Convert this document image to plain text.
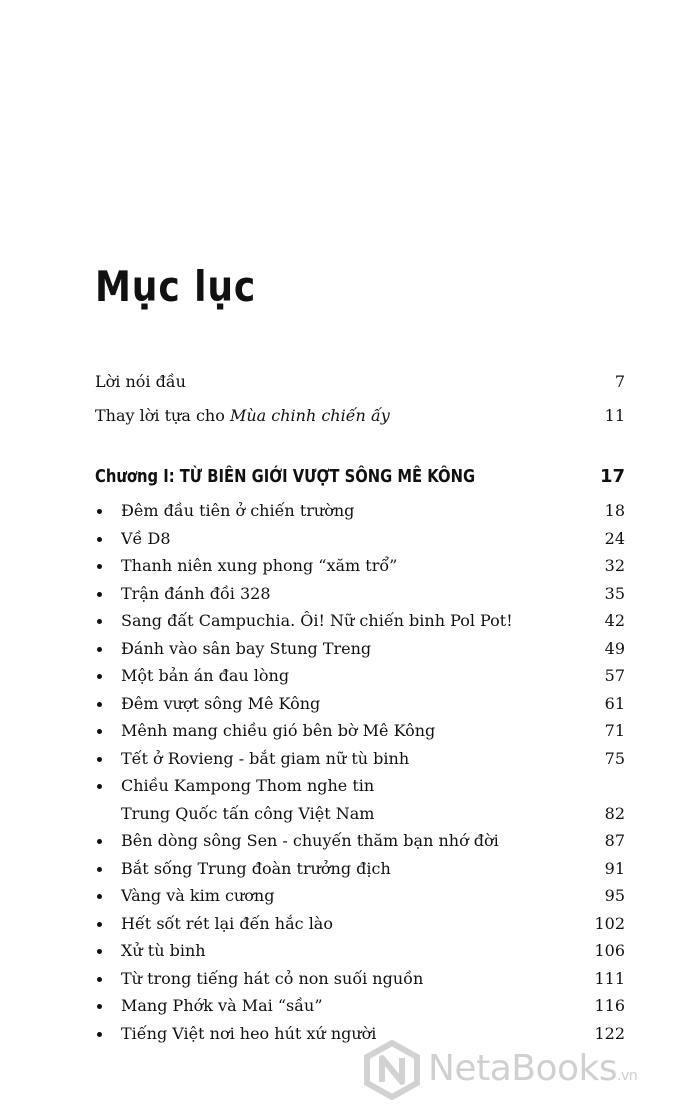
Mục lục
Lời nói đầu	7
Thay lời tựa cho Mùa chinh chiến ấy	11
Chương I: TỪ BIÊN GIỚI VƯỢT SÔNG MÊ KÔNG	17
Đêm đầu tiên ở chiến trường	18
Về D8	24
Thanh niên xung phong “xăm trổ”	32
Trận đánh đồi 328	35
Sang đất Campuchia. Ôi! Nữ chiến binh Pol Pot!	42
Đánh vào sân bay Stung Treng	49
Một bản án đau lòng	57
Đêm vượt sông Mê Kông	61
Mênh mang chiều gió bên bờ Mê Kông	71
Tết ở Rovieng - bắt giam nữ tù binh	75
Chiều Kampong Thom nghe tin
Trung Quốc tấn công Việt Nam	82
Bên dòng sông Sen - chuyến thăm bạn nhớ đời	87
Bắt sống Trung đoàn trưởng địch	91
Vàng và kim cương	95
Hết sốt rét lại đến hắc lào	102
Xử tù binh	106
Từ trong tiếng hát cỏ non suối nguồn	111
Mang Phớk và Mai “sầu”	116
Tiếng Việt nơi heo hút xứ người	122
NetaBooks.vn
